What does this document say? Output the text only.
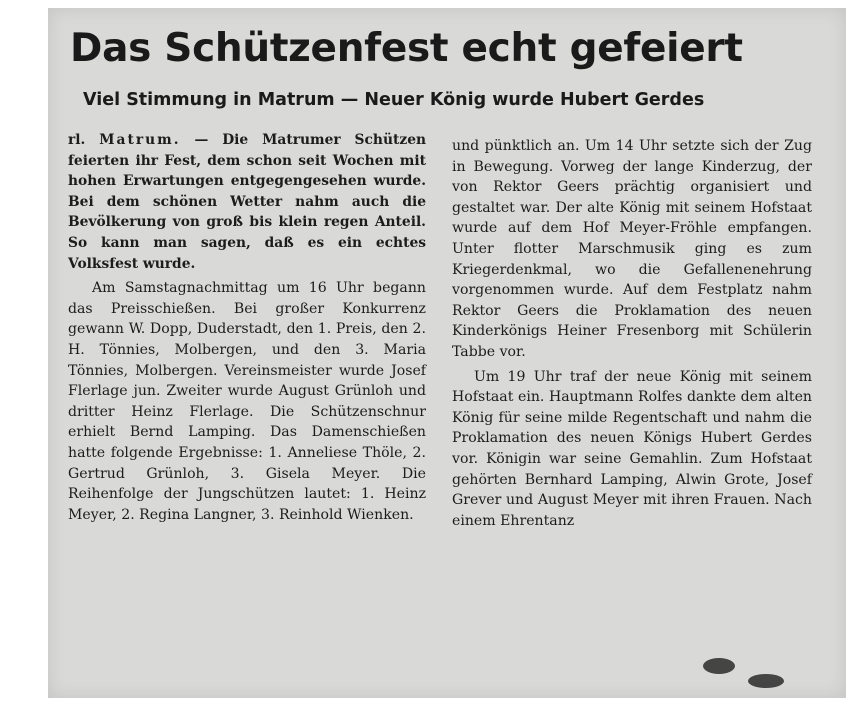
Das Schützenfest echt gefeiert
Viel Stimmung in Matrum — Neuer König wurde Hubert Gerdes

rl. Matrum. — Die Matrumer Schützen feierten ihr Fest, dem schon seit Wochen mit hohen Erwartungen entgegengesehen wurde. Bei dem schönen Wetter nahm auch die Bevölkerung von groß bis klein regen Anteil. So kann man sagen, daß es ein echtes Volksfest wurde.

Am Samstagnachmittag um 16 Uhr begann das Preisschießen. Bei großer Konkurrenz gewann W. Dopp, Duderstadt, den 1. Preis, den 2. H. Tönnies, Molbergen, und den 3. Maria Tönnies, Molbergen. Vereinsmeister wurde Josef Flerlage jun. Zweiter wurde August Grünloh und dritter Heinz Flerlage. Die Schützenschnur erhielt Bernd Lamping. Das Damenschießen hatte folgende Ergebnisse: 1. Anneliese Thöle, 2. Gertrud Grünloh, 3. Gisela Meyer. Die Reihenfolge der Jungschützen lautet: 1. Heinz Meyer, 2. Regina Langner, 3. Reinhold Wienken.

und pünktlich an. Um 14 Uhr setzte sich der Zug in Bewegung. Vorweg der lange Kinderzug, der von Rektor Geers prächtig organisiert und gestaltet war. Der alte König mit seinem Hofstaat wurde auf dem Hof Meyer-Fröhle empfangen. Unter flotter Marschmusik ging es zum Kriegerdenkmal, wo die Gefallenenehrung vorgenommen wurde. Auf dem Festplatz nahm Rektor Geers die Proklamation des neuen Kinderkönigs Heiner Fresenborg mit Schülerin Tabbe vor.

Um 19 Uhr traf der neue König mit seinem Hofstaat ein. Hauptmann Rolfes dankte dem alten König für seine milde Regentschaft und nahm die Proklamation des neuen Königs Hubert Gerdes vor. Königin war seine Gemahlin. Zum Hofstaat gehörten Bernhard Lamping, Alwin Grote, Josef Grever und August Meyer mit ihren Frauen. Nach einem Ehrentanz
